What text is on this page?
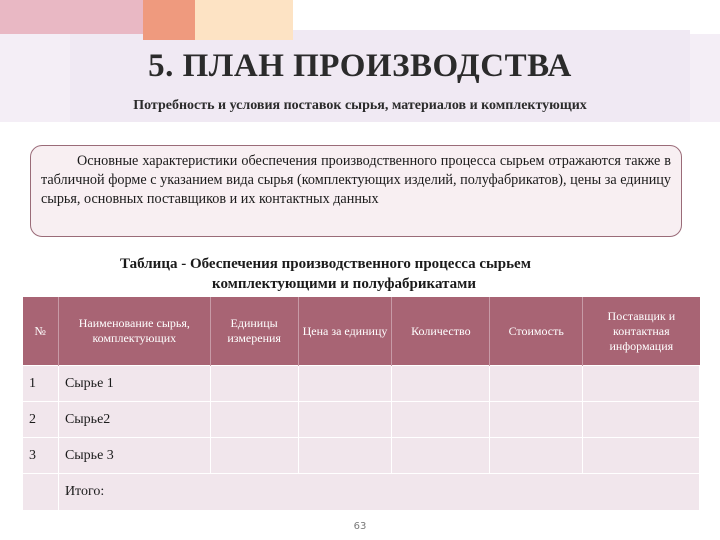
5. ПЛАН ПРОИЗВОДСТВА
Потребность и условия поставок сырья, материалов и комплектующих

Основные характеристики обеспечения производственного процесса сырьем отражаются также в табличной форме с указанием вида сырья (комплектующих изделий, полуфабрикатов), цены за единицу сырья, основных поставщиков и их контактных данных

Таблица - Обеспечения производственного процесса сырьем
комплектующими и полуфабрикатами
№	Наименование сырья, комплектующих	Единицы измерения	Цена за единицу	Количество	Стоимость	Поставщик и контактная информация
1	Сырье 1					
2	Сырье2					
3	Сырье 3					
	Итого:					
63
